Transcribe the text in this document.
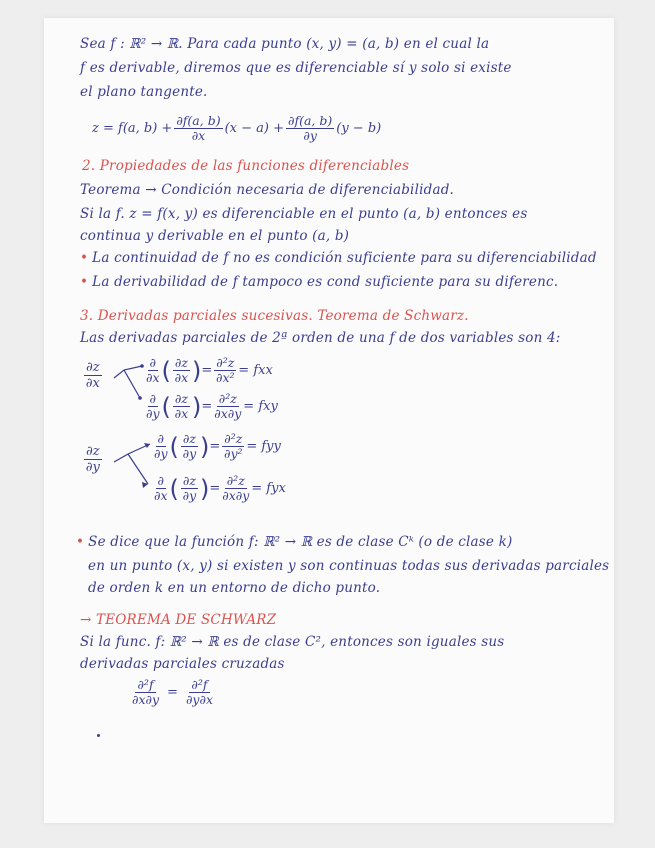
Sea f : ℝ² → ℝ. Para cada punto (x, y) = (a, b) en el cual la
f es derivable, diremos que es diferenciable sí y solo si existe
el plano tangente.
z = f(a, $b) + \frac{\partial f(a, b)}{\partial x} (x - a) + \frac{\partial f(a, b)}{\partial y} (y - b)$
2. Propiedades de las funciones diferenciables
Teorema → Condición necesaria de diferenciabilidad.
Si la f. z = f(x, y) es diferenciable en el punto (a, b) entonces es
continua y derivable en el punto (a, b)
• La continuidad de f no es condición suficiente para su diferenciabilidad
• La derivabilidad de f tampoco es cond suficiente para su diferenc.
3. Derivadas parciales sucesivas. Teorema de Schwarz.
Las derivadas parciales de 2ª orden de una f de dos variables son 4:
$\frac{\partial z}{\partial x}$	$\frac{\partial}{\partial x}$ ( $\frac{\partial z}{\partial x}$ ) = $\frac{\text{∂²z}}{\text{∂x²}}$ = fxx
$\frac{\partial}{\partial y}$ ( $\frac{\partial z}{\partial x}$ ) = $\frac{\text{∂²z}}{\partial x\partial y}$ = fxy
$\frac{\partial z}{\partial y}$	$\frac{\partial}{\partial y}$ ( $\frac{\partial z}{\partial y}$ ) = $\frac{\text{∂²z}}{\text{∂y²}}$ = fyy
$\frac{\partial}{\partial x}$ ( $\frac{\partial z}{\partial y}$ ) = $\frac{\text{∂²z}}{\partial x\partial y}$ = fyx
• Se dice que la función f: ℝ² → ℝ es de clase Cᵏ (o de clase k)
en un punto (x, y) si existen y son continuas todas sus derivadas parciales
de orden k en un entorno de dicho punto.
→ TEOREMA DE SCHWARZ
Si la func. f: ℝ² → ℝ es de clase C², entonces son iguales sus
derivadas parciales cruzadas
$\frac{\text{∂²f}}{\partial x\partial y} = \frac{\text{∂²f}}{\partial y\partial x}$
